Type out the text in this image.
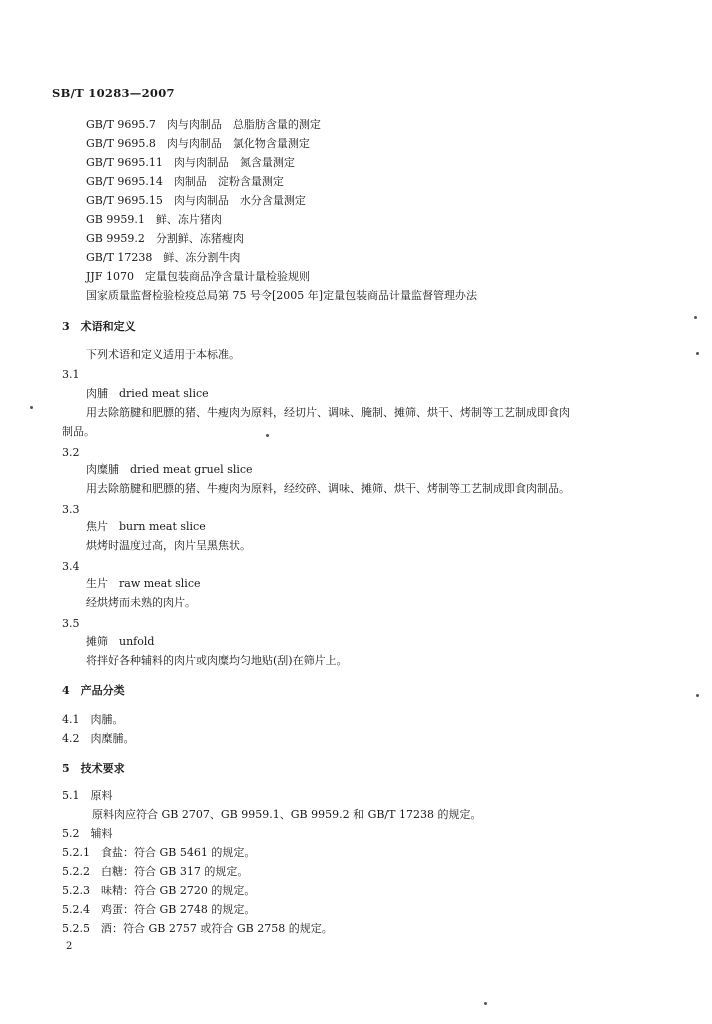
SB/T 10283—2007
GB/T 9695.7　肉与肉制品　总脂肪含量的测定
GB/T 9695.8　肉与肉制品　氯化物含量测定
GB/T 9695.11　肉与肉制品　氮含量测定
GB/T 9695.14　肉制品　淀粉含量测定
GB/T 9695.15　肉与肉制品　水分含量测定
GB 9959.1　鲜、冻片猪肉
GB 9959.2　分割鲜、冻猪瘦肉
GB/T 17238　鲜、冻分割牛肉
JJF 1070　定量包装商品净含量计量检验规则
国家质量监督检验检疫总局第 75 号令[2005 年]定量包装商品计量监督管理办法
3　术语和定义
下列术语和定义适用于本标准。
3.1
肉脯　dried meat slice
用去除筋腱和肥膘的猪、牛瘦肉为原料，经切片、调味、腌制、摊筛、烘干、烤制等工艺制成即食肉
制品。
3.2
肉糜脯　dried meat gruel slice
用去除筋腱和肥膘的猪、牛瘦肉为原料，经绞碎、调味、摊筛、烘干、烤制等工艺制成即食肉制品。
3.3
焦片　burn meat slice
烘烤时温度过高，肉片呈黑焦状。
3.4
生片　raw meat slice
经烘烤而未熟的肉片。
3.5
摊筛　unfold
将拌好各种辅料的肉片或肉糜均匀地贴(刮)在筛片上。
4　产品分类
4.1　肉脯。
4.2　肉糜脯。
5　技术要求
5.1　原料
原料肉应符合 GB 2707、GB 9959.1、GB 9959.2 和 GB/T 17238 的规定。
5.2　辅料
5.2.1　食盐：符合 GB 5461 的规定。
5.2.2　白糖：符合 GB 317 的规定。
5.2.3　味精：符合 GB 2720 的规定。
5.2.4　鸡蛋：符合 GB 2748 的规定。
5.2.5　酒：符合 GB 2757 或符合 GB 2758 的规定。
2
